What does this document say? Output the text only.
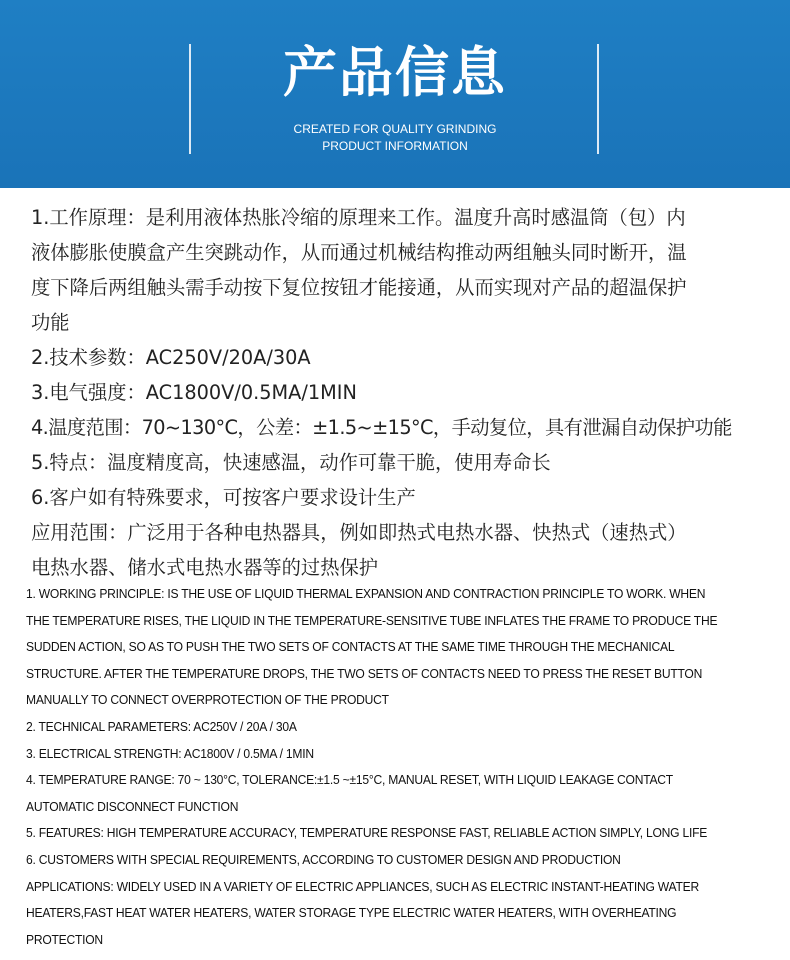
产品信息
CREATED FOR QUALITY GRINDING
PRODUCT INFORMATION

1.工作原理：是利用液体热胀冷缩的原理来工作。温度升高时感温筒（包）内

液体膨胀使膜盒产生突跳动作，从而通过机械结构推动两组触头同时断开，温

度下降后两组触头需手动按下复位按钮才能接通，从而实现对产品的超温保护

功能

2.技术参数：AC250V/20A/30A

3.电气强度：AC1800V/0.5MA/1MIN

4.温度范围：70~130°C，公差：±1.5~±15°C，手动复位，具有泄漏自动保护功能

5.特点：温度精度高，快速感温，动作可靠干脆，使用寿命长

6.客户如有特殊要求，可按客户要求设计生产

应用范围：广泛用于各种电热器具，例如即热式电热水器、快热式（速热式）

电热水器、储水式电热水器等的过热保护

1. WORKING PRINCIPLE: IS THE USE OF LIQUID THERMAL EXPANSION AND CONTRACTION PRINCIPLE TO WORK. WHEN

THE TEMPERATURE RISES, THE LIQUID IN THE TEMPERATURE-SENSITIVE TUBE INFLATES THE FRAME TO PRODUCE THE

SUDDEN ACTION, SO AS TO PUSH THE TWO SETS OF CONTACTS AT THE SAME TIME THROUGH THE MECHANICAL

STRUCTURE. AFTER THE TEMPERATURE DROPS, THE TWO SETS OF CONTACTS NEED TO PRESS THE RESET BUTTON

MANUALLY TO CONNECT OVERPROTECTION OF THE PRODUCT

2. TECHNICAL PARAMETERS: AC250V / 20A / 30A

3. ELECTRICAL STRENGTH: AC1800V / 0.5MA / 1MIN

4. TEMPERATURE RANGE: 70 ~ 130°C, TOLERANCE:±1.5 ~±15°C, MANUAL RESET, WITH LIQUID LEAKAGE CONTACT

AUTOMATIC DISCONNECT FUNCTION

5. FEATURES: HIGH TEMPERATURE ACCURACY, TEMPERATURE RESPONSE FAST, RELIABLE ACTION SIMPLY, LONG LIFE

6. CUSTOMERS WITH SPECIAL REQUIREMENTS, ACCORDING TO CUSTOMER DESIGN AND PRODUCTION

APPLICATIONS: WIDELY USED IN A VARIETY OF ELECTRIC APPLIANCES, SUCH AS ELECTRIC INSTANT-HEATING WATER

HEATERS,FAST HEAT WATER HEATERS, WATER STORAGE TYPE ELECTRIC WATER HEATERS, WITH OVERHEATING

PROTECTION
